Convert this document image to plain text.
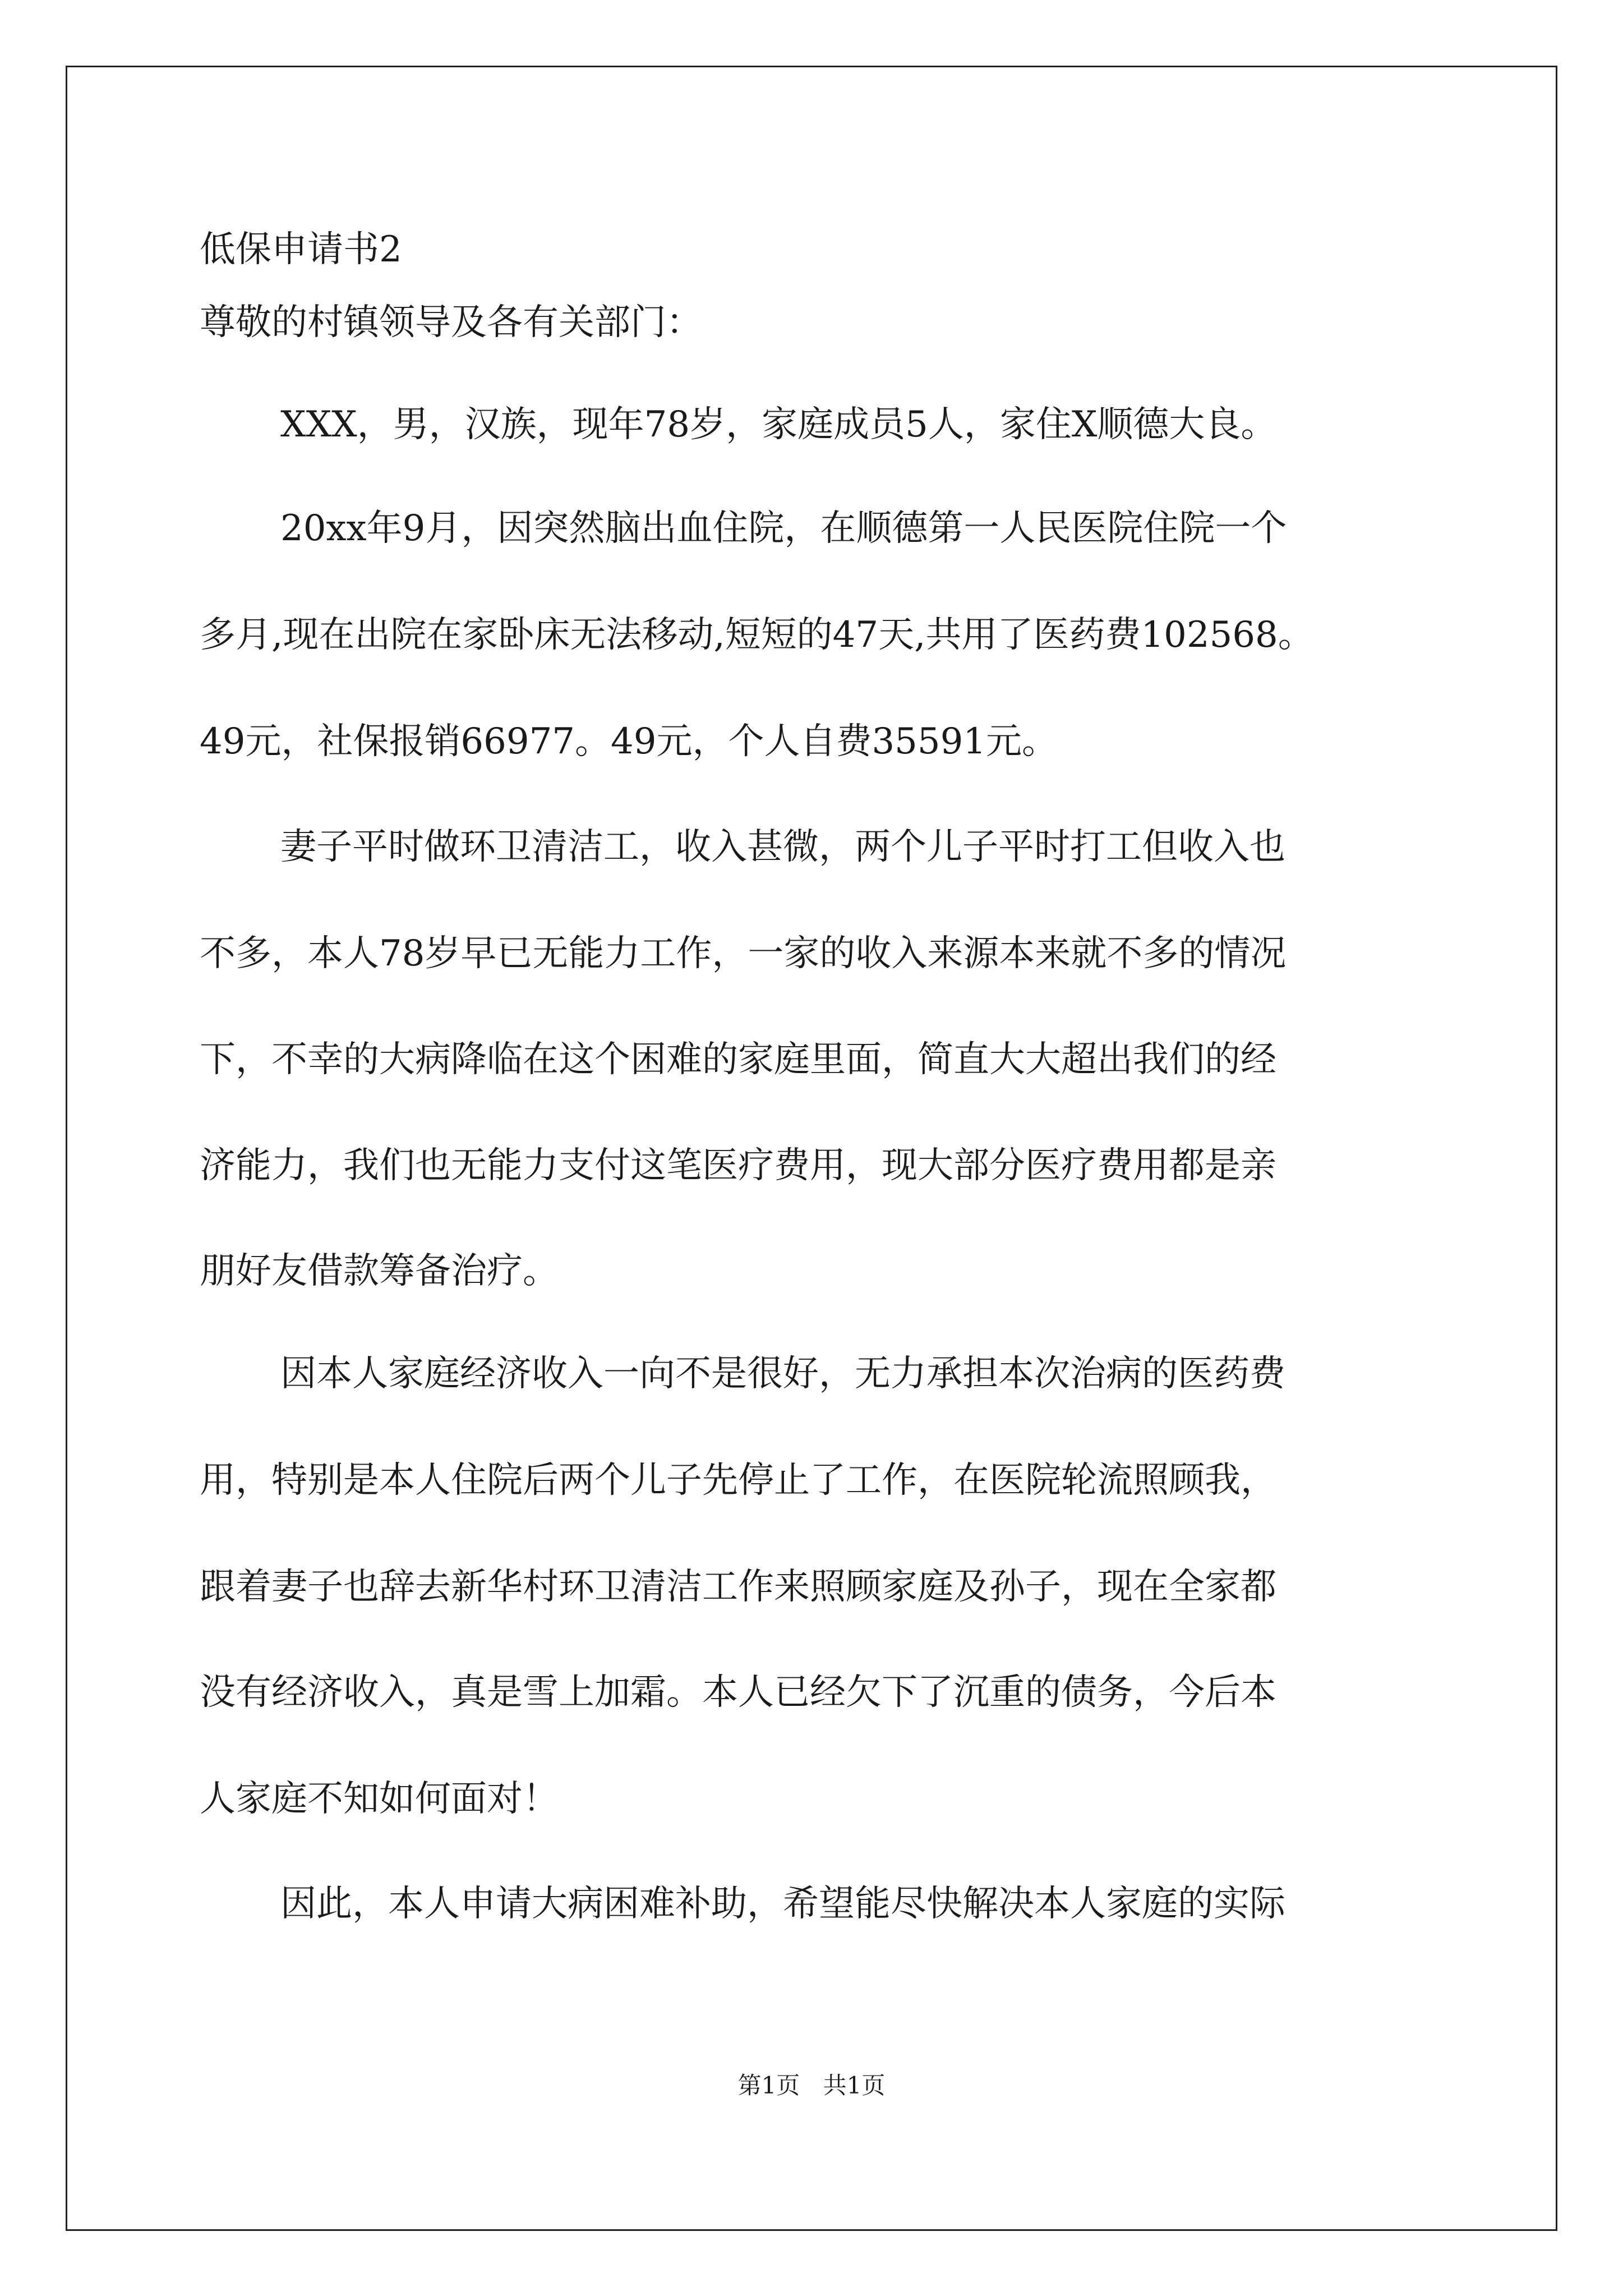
低保申请书2

尊敬的村镇领导及各有关部门：

XXX，男，汉族，现年78岁，家庭成员5人，家住X顺德大良。

20xx年9月，因突然脑出血住院，在顺德第一人民医院住院一个

多月,现在出院在家卧床无法移动,短短的47天,共用了医药费102568。

49元，社保报销66977。49元，个人自费35591元。

妻子平时做环卫清洁工，收入甚微，两个儿子平时打工但收入也

不多，本人78岁早已无能力工作，一家的收入来源本来就不多的情况

下，不幸的大病降临在这个困难的家庭里面，简直大大超出我们的经

济能力，我们也无能力支付这笔医疗费用，现大部分医疗费用都是亲

朋好友借款筹备治疗。

因本人家庭经济收入一向不是很好，无力承担本次治病的医药费

用，特别是本人住院后两个儿子先停止了工作，在医院轮流照顾我，

跟着妻子也辞去新华村环卫清洁工作来照顾家庭及孙子，现在全家都

没有经济收入，真是雪上加霜。本人已经欠下了沉重的债务，今后本

人家庭不知如何面对！

因此，本人申请大病困难补助，希望能尽快解决本人家庭的实际

第1页 共1页
